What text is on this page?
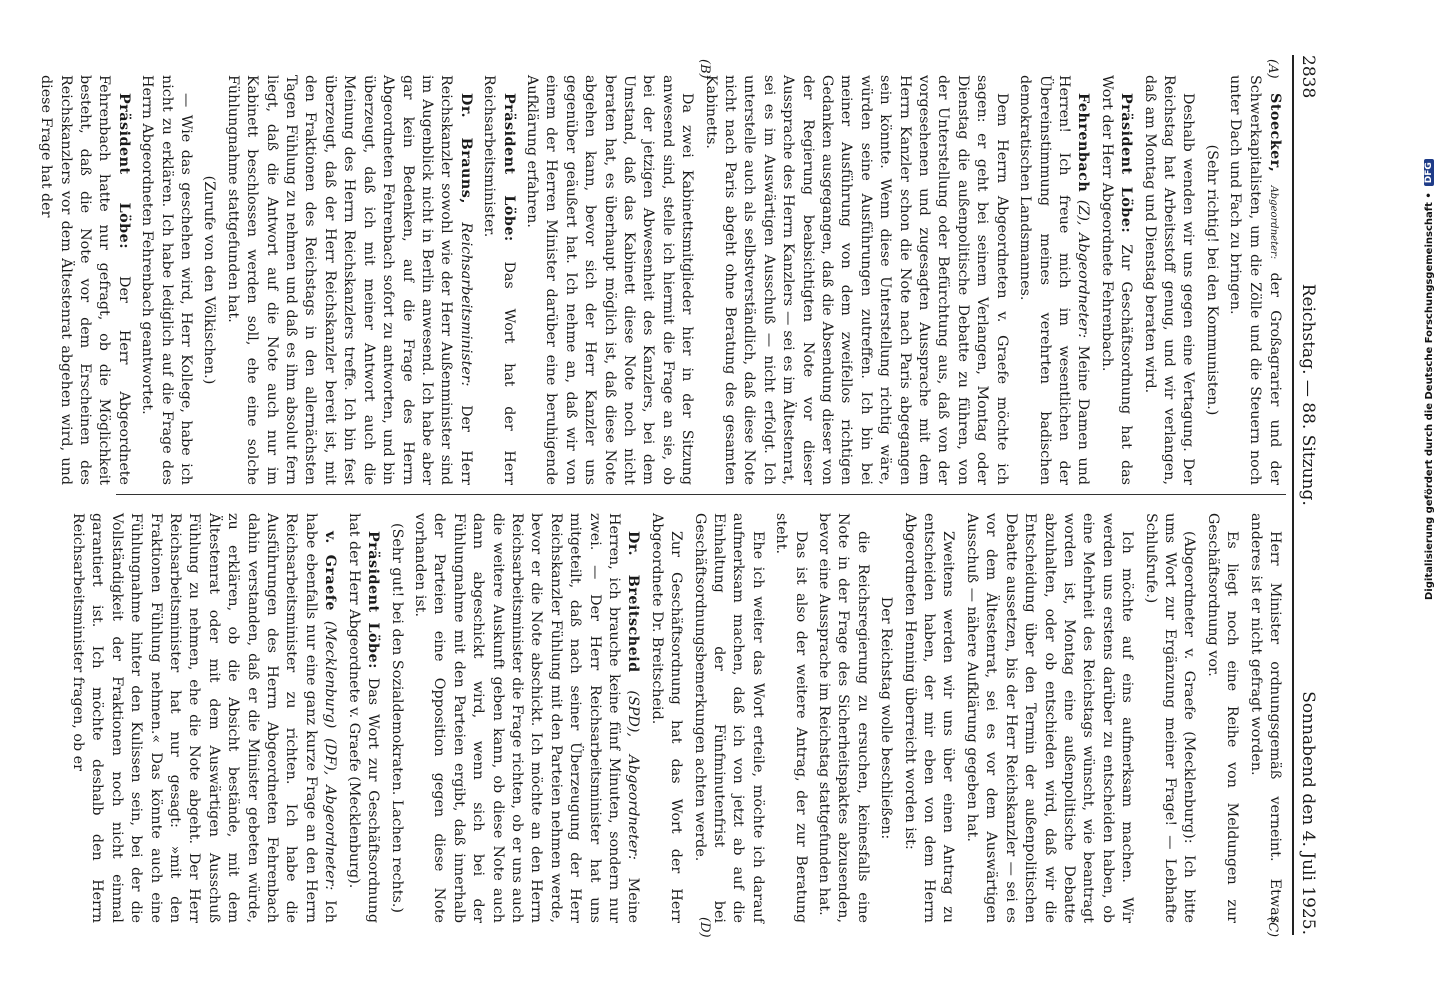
2838
Reichstag. — 88. Sitzung.
Sonnabend den 4. Juli 1925.

Stoecker, Abgeordneter: der Großagrarier und der Schwerkapitalisten, um die Zölle und die Steuern noch unter Dach und Fach zu bringen.

(Sehr richtig! bei den Kommunisten.)

Deshalb wenden wir uns gegen eine Vertagung. Der Reichstag hat Arbeitsstoff genug, und wir verlangen, daß am Montag und Dienstag beraten wird.

Präsident Löbe: Zur Geschäftsordnung hat das Wort der Herr Abgeordnete Fehrenbach.

Fehrenbach (Z), Abgeordneter: Meine Damen und Herren! Ich freue mich im wesentlichen der Übereinstimmung meines verehrten badischen demokratischen Landsmannes.

Dem Herrn Abgeordneten v. Graefe möchte ich sagen: er geht bei seinem Verlangen, Montag oder Dienstag die außenpolitische Debatte zu führen, von der Unterstellung oder Befürchtung aus, daß von der vorgesehenen und zugesagten Aussprache mit dem Herrn Kanzler schon die Note nach Paris abgegangen sein könnte. Wenn diese Unterstellung richtig wäre, würden seine Ausführungen zutreffen. Ich bin bei meiner Ausführung von dem zweifellos richtigen Gedanken ausgegangen, daß die Absendung dieser von der Regierung beabsichtigten Note vor dieser Aussprache des Herrn Kanzlers — sei es im Ältestenrat, sei es im Auswärtigen Ausschuß — nicht erfolgt. Ich unterstelle auch als selbstverständlich, daß diese Note nicht nach Paris abgeht ohne Beratung des gesamten Kabinetts.

Da zwei Kabinettsmitglieder hier in der Sitzung anwesend sind, stelle ich hiermit die Frage an sie, ob bei der jetzigen Abwesenheit des Kanzlers, bei dem Umstand, daß das Kabinett diese Note noch nicht beraten hat, es überhaupt möglich ist, daß diese Note abgehen kann, bevor sich der Herr Kanzler uns gegenüber geäußert hat. Ich nehme an, daß wir von einem der Herren Minister darüber eine beruhigende Aufklärung erfahren.

Präsident Löbe: Das Wort hat der Herr Reichsarbeitsminister.

Dr. Brauns, Reichsarbeitsminister: Der Herr Reichskanzler sowohl wie der Herr Außenminister sind im Augenblick nicht in Berlin anwesend. Ich habe aber gar kein Bedenken, auf die Frage des Herrn Abgeordneten Fehrenbach sofort zu antworten, und bin überzeugt, daß ich mit meiner Antwort auch die Meinung des Herrn Reichskanzlers treffe. Ich bin fest überzeugt, daß der Herr Reichskanzler bereit ist, mit den Fraktionen des Reichstags in den allernächsten Tagen Fühlung zu nehmen und daß es ihm absolut fern liegt, daß die Antwort auf die Note auch nur im Kabinett beschlossen werden soll, ehe eine solche Fühlungnahme stattgefunden hat.

(Zurufe von den Völkischen.)

— Wie das geschehen wird, Herr Kollege, habe ich nicht zu erklären. Ich habe lediglich auf die Frage des Herrn Abgeordneten Fehrenbach geantwortet.

Präsident Löbe: Der Herr Abgeordnete Fehrenbach hatte nur gefragt, ob die Möglichkeit besteht, daß die Note vor dem Erscheinen des Reichskanzlers vor dem Ältestenrat abgehen wird, und diese Frage hat der

Herr Minister ordnungsgemäß verneint. Etwas anderes ist er nicht gefragt worden.

Es liegt noch eine Reihe von Meldungen zur Geschäftsordnung vor.

(Abgeordneter v. Graefe (Mecklenburg): Ich bitte ums Wort zur Ergänzung meiner Frage! — Lebhafte Schlußrufe.)

Ich möchte auf eins aufmerksam machen. Wir werden uns erstens darüber zu entscheiden haben, ob eine Mehrheit des Reichstags wünscht, wie beantragt worden ist, Montag eine außenpolitische Debatte abzuhalten, oder ob entschieden wird, daß wir die Entscheidung über den Termin der außenpolitischen Debatte aussetzen, bis der Herr Reichskanzler — sei es vor dem Ältestenrat, sei es vor dem Auswärtigen Ausschuß — nähere Aufklärung gegeben hat.

Zweitens werden wir uns über einen Antrag zu entscheiden haben, der mir eben von dem Herrn Abgeordneten Henning überreicht worden ist:

Der Reichstag wolle beschließen:

die Reichsregierung zu ersuchen, keinesfalls eine Note in der Frage des Sicherheitspaktes abzusenden, bevor eine Aussprache im Reichstag stattgefunden hat.

Das ist also der weitere Antrag, der zur Beratung steht.

Ehe ich weiter das Wort erteile, möchte ich darauf aufmerksam machen, daß ich von jetzt ab auf die Einhaltung der Fünfminutenfrist bei Geschäftsordnungsbemerkungen achten werde.

Zur Geschäftsordnung hat das Wort der Herr Abgeordnete Dr. Breitscheid.

Dr. Breitscheid (SPD), Abgeordneter: Meine Herren, ich brauche keine fünf Minuten, sondern nur zwei. — Der Herr Reichsarbeitsminister hat uns mitgeteilt, daß nach seiner Überzeugung der Herr Reichskanzler Fühlung mit den Parteien nehmen werde, bevor er die Note abschickt. Ich möchte an den Herrn Reichsarbeitsminister die Frage richten, ob er uns auch die weitere Auskunft geben kann, ob diese Note auch dann abgeschickt wird, wenn sich bei der Fühlungnahme mit den Parteien ergibt, daß innerhalb der Parteien eine Opposition gegen diese Note vorhanden ist.

(Sehr gut! bei den Sozialdemokraten. Lachen rechts.)

Präsident Löbe: Das Wort zur Geschäftsordnung hat der Herr Abgeordnete v. Graefe (Mecklenburg).

v. Graefe (Mecklenburg) (DF), Abgeordneter: Ich habe ebenfalls nur eine ganz kurze Frage an den Herrn Reichsarbeitsminister zu richten. Ich habe die Ausführungen des Herrn Abgeordneten Fehrenbach dahin verstanden, daß er die Minister gebeten würde, zu erklären, ob die Absicht bestände, mit dem Ältestenrat oder mit dem Auswärtigen Ausschuß Fühlung zu nehmen, ehe die Note abgeht. Der Herr Reichsarbeitsminister hat nur gesagt: »mit den Fraktionen Fühlung nehmen.« Das könnte auch eine Fühlungnahme hinter den Kulissen sein, bei der die Vollständigkeit der Fraktionen noch nicht einmal garantiert ist. Ich möchte deshalb den Herrn Reichsarbeitsminister fragen, ob er

(A)
(B)
(C)
(D)
Digitalisierung gefördert durch die Deutsche Forschungsgemeinschaft •
DFG
